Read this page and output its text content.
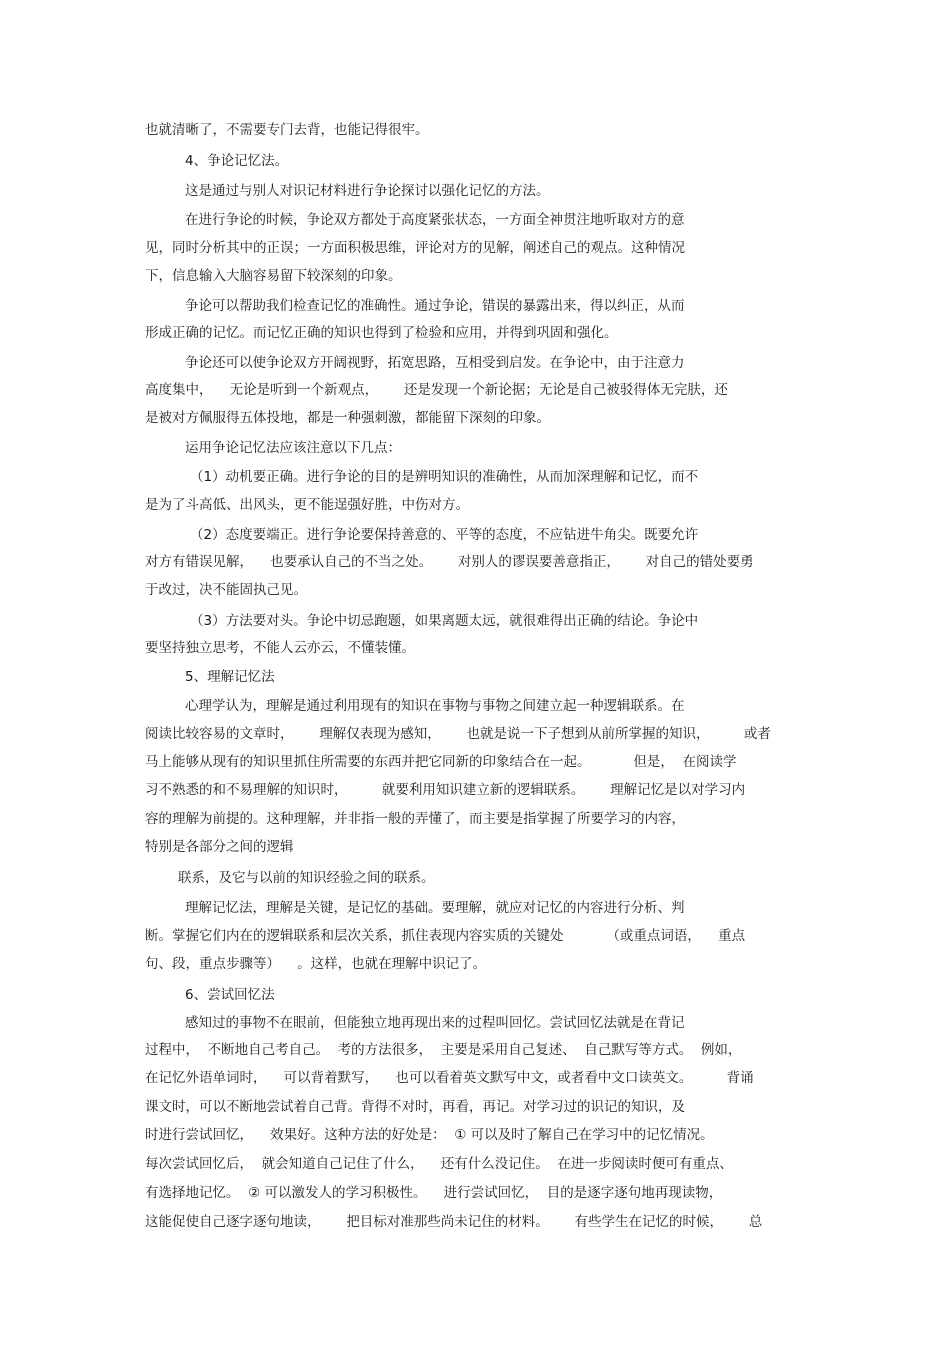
也就清晰了，不需要专门去背，也能记得很牢。
4、争论记忆法。
这是通过与别人对识记材料进行争论探讨以强化记忆的方法。
在进行争论的时候，争论双方都处于高度紧张状态，一方面全神贯注地听取对方的意
见，同时分析其中的正误；一方面积极思维，评论对方的见解，阐述自己的观点。这种情况
下，信息输入大脑容易留下较深刻的印象。
争论可以帮助我们检查记忆的准确性。通过争论，错误的暴露出来，得以纠正，从而
形成正确的记忆。而记忆正确的知识也得到了检验和应用，并得到巩固和强化。
争论还可以使争论双方开阔视野，拓宽思路，互相受到启发。在争论中，由于注意力
高度集中，    无论是听到一个新观点，      还是发现一个新论据；无论是自己被驳得体无完肤，还
是被对方佩服得五体投地，都是一种强刺激，都能留下深刻的印象。
运用争论记忆法应该注意以下几点：
（1）动机要正确。进行争论的目的是辨明知识的准确性，从而加深理解和记忆，而不
是为了斗高低、出风头，更不能逞强好胜，中伤对方。
（2）态度要端正。进行争论要保持善意的、平等的态度，不应钻进牛角尖。既要允许
对方有错误见解，    也要承认自己的不当之处。      对别人的谬误要善意指正，      对自己的错处要勇
于改过，决不能固执己见。
（3）方法要对头。争论中切忌跑题，如果离题太远，就很难得出正确的结论。争论中
要坚持独立思考，不能人云亦云，不懂装懂。
5、理解记忆法
心理学认为，理解是通过利用现有的知识在事物与事物之间建立起一种逻辑联系。在
阅读比较容易的文章时，      理解仅表现为感知，      也就是说一下子想到从前所掌握的知识，        或者
马上能够从现有的知识里抓住所需要的东西并把它同新的印象结合在一起。          但是，  在阅读学
习不熟悉的和不易理解的知识时，        就要利用知识建立新的逻辑联系。      理解记忆是以对学习内
容的理解为前提的。这种理解，并非指一般的弄懂了，而主要是指掌握了所要学习的内容，
特别是各部分之间的逻辑
联系，及它与以前的知识经验之间的联系。
理解记忆法，理解是关键，是记忆的基础。要理解，就应对记忆的内容进行分析、判
断。掌握它们内在的逻辑联系和层次关系，抓住表现内容实质的关键处          （或重点词语，    重点
句、段，重点步骤等）    。这样，也就在理解中识记了。
6、尝试回忆法
感知过的事物不在眼前，但能独立地再现出来的过程叫回忆。尝试回忆法就是在背记
过程中，  不断地自己考自己。  考的方法很多，  主要是采用自己复述、  自己默写等方式。  例如，
在记忆外语单词时，    可以背着默写，    也可以看着英文默写中文，或者看中文口读英文。        背诵
课文时，可以不断地尝试着自己背。背得不对时，再看，再记。对学习过的识记的知识，及
时进行尝试回忆，    效果好。这种方法的好处是：  ① 可以及时了解自己在学习中的记忆情况。
每次尝试回忆后，  就会知道自己记住了什么，    还有什么没记住。  在进一步阅读时便可有重点、
有选择地记忆。  ② 可以激发人的学习积极性。    进行尝试回忆，  目的是逐字逐句地再现读物，
这能促使自己逐字逐句地读，      把目标对准那些尚未记住的材料。      有些学生在记忆的时候，      总
